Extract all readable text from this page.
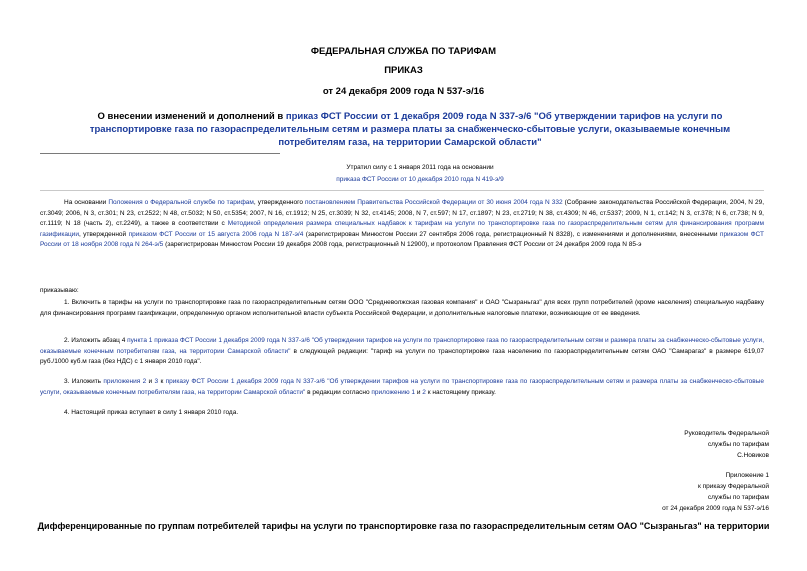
ФЕДЕРАЛЬНАЯ СЛУЖБА ПО ТАРИФАМ
ПРИКАЗ
от 24 декабря 2009 года N 537-э/16
О внесении изменений и дополнений в приказ ФСТ России от 1 декабря 2009 года N 337-э/6 "Об утверждении тарифов на услуги по транспортировке газа по газораспределительным сетям и размера платы за снабженческо-сбытовые услуги, оказываемые конечным потребителям газа, на территории Самарской области"
Утратил силу с 1 января 2011 года на основании
приказа ФСТ России от 10 декабря 2010 года N 419-э/9
На основании Положения о Федеральной службе по тарифам, утвержденного постановлением Правительства Российской Федерации от 30 июня 2004 года N 332 (Собрание законодательства Российской Федерации, 2004, N 29, ст.3049; 2006, N 3, ст.301; N 23, ст.2522; N 48, ст.5032; N 50, ст.5354; 2007, N 16, ст.1912; N 25, ст.3039; N 32, ст.4145; 2008, N 7, ст.597; N 17, ст.1897; N 23, ст.2719; N 38, ст.4309; N 46, ст.5337; 2009, N 1, ст.142; N 3, ст.378; N 6, ст.738; N 9, ст.1119; N 18 (часть 2), ст.2249), а также в соответствии с Методикой определения размера специальных надбавок к тарифам на услуги по транспортировке газа по газораспределительным сетям для финансирования программ газификации, утвержденной приказом ФСТ России от 15 августа 2006 года N 187-э/4 (зарегистрирован Минюстом России 27 сентября 2006 года, регистрационный N 8328), с изменениями и дополнениями, внесенными приказом ФСТ России от 18 ноября 2008 года N 264-э/5 (зарегистрирован Минюстом России 19 декабря 2008 года, регистрационный N 12900), и протоколом Правления ФСТ России от 24 декабря 2009 года N 85-э
приказываю:
1. Включить в тарифы на услуги по транспортировке газа по газораспределительным сетям ООО "Средневолжская газовая компания" и ОАО "Сызраньгаз" для всех групп потребителей (кроме населения) специальную надбавку для финансирования программ газификации, определенную органом исполнительной власти субъекта Российской Федерации, и дополнительные налоговые платежи, возникающие от ее введения.
2. Изложить абзац 4 пункта 1 приказа ФСТ России 1 декабря 2009 года N 337-э/6 "Об утверждении тарифов на услуги по транспортировке газа по газораспределительным сетям и размера платы за снабженческо-сбытовые услуги, оказываемые конечным потребителям газа, на территории Самарской области" в следующей редакции: "тариф на услуги по транспортировке газа населению по газораспределительным сетям ОАО "Самарагаз" в размере 619,07 руб./1000 куб.м газа (без НДС) с 1 января 2010 года".
3. Изложить приложения 2 и 3 к приказу ФСТ России 1 декабря 2009 года N 337-э/6 "Об утверждении тарифов на услуги по транспортировке газа по газораспределительным сетям и размера платы за снабженческо-сбытовые услуги, оказываемые конечным потребителям газа, на территории Самарской области" в редакции согласно приложению 1 и 2 к настоящему приказу.
4. Настоящий приказ вступает в силу 1 января 2010 года.
Руководитель Федеральной
службы по тарифам
С.Новиков
Приложение 1
к приказу Федеральной
службы по тарифам
от 24 декабря 2009 года N 537-э/16
Дифференцированные по группам потребителей тарифы на услуги по транспортировке газа по газораспределительным сетям ОАО "Сызраньгаз" на территории
